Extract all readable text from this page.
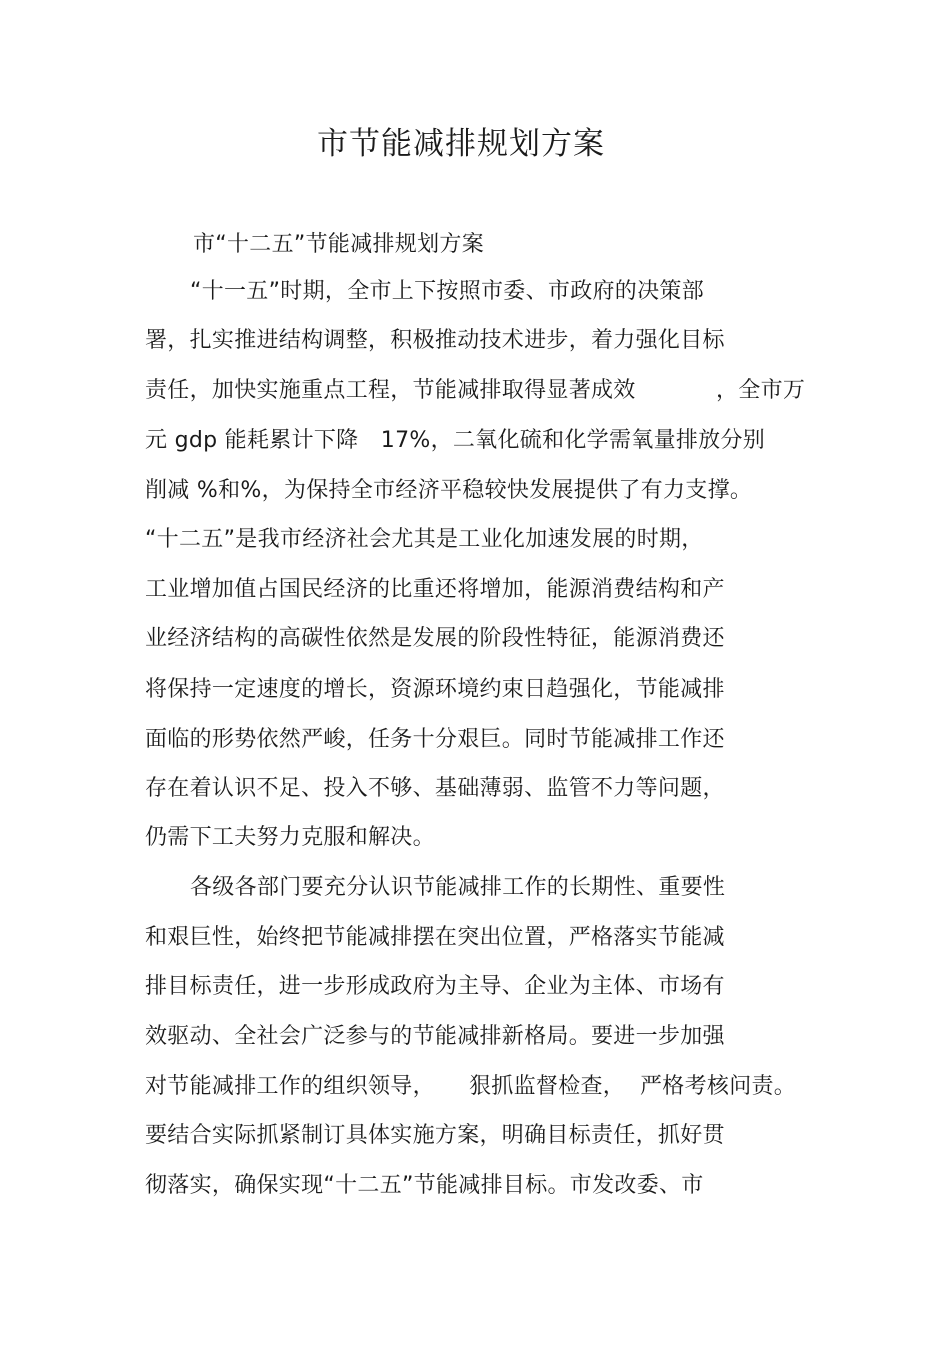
市节能减排规划方案
市“十二五”节能减排规划方案
“十一五”时期，全市上下按照市委、市政府的决策部
署，扎实推进结构调整，积极推动技术进步，着力强化目标
责任，加快实施重点工程，节能减排取得显著成效	，全市万
元 gdp 能耗累计下降　17%，二氧化硫和化学需氧量排放分别
削减 %和%，为保持全市经济平稳较快发展提供了有力支撑。
“十二五”是我市经济社会尤其是工业化加速发展的时期，
工业增加值占国民经济的比重还将增加，能源消费结构和产
业经济结构的高碳性依然是发展的阶段性特征，能源消费还
将保持一定速度的增长，资源环境约束日趋强化，节能减排
面临的形势依然严峻，任务十分艰巨。同时节能减排工作还
存在着认识不足、投入不够、基础薄弱、监管不力等问题，
仍需下工夫努力克服和解决。
各级各部门要充分认识节能减排工作的长期性、重要性
和艰巨性，始终把节能减排摆在突出位置，严格落实节能减
排目标责任，进一步形成政府为主导、企业为主体、市场有
效驱动、全社会广泛参与的节能减排新格局。要进一步加强
对节能减排工作的组织领导， 狠抓监督检查， 严格考核问责。
要结合实际抓紧制订具体实施方案，明确目标责任，抓好贯
彻落实，确保实现“十二五”节能减排目标。市发改委、市
